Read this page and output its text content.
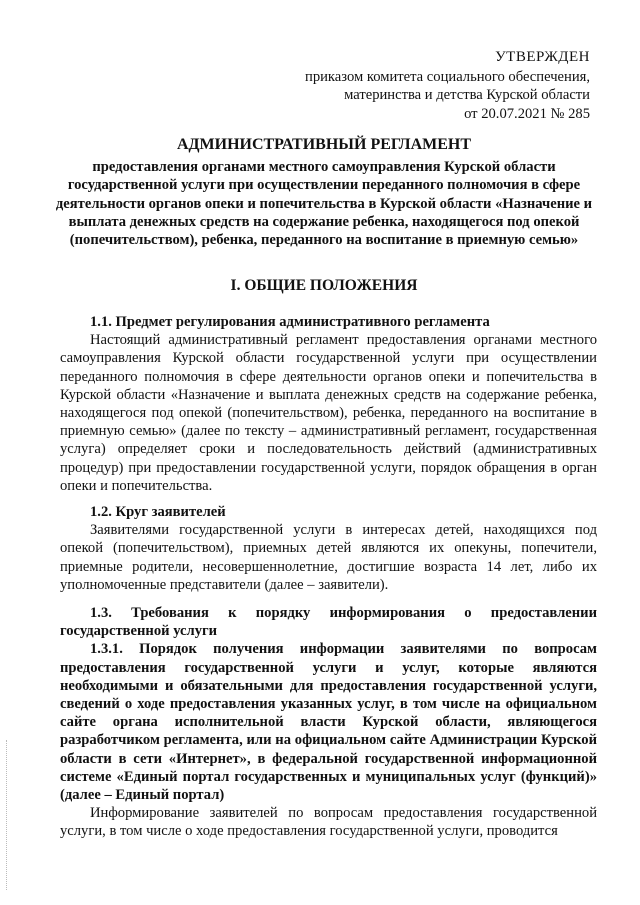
УТВЕРЖДЕН
приказом комитета социального обеспечения,
материнства и детства Курской области
от 20.07.2021 № 285
АДМИНИСТРАТИВНЫЙ РЕГЛАМЕНТ
предоставления органами местного самоуправления Курской области государственной услуги при осуществлении переданного полномочия в сфере деятельности органов опеки и попечительства в Курской области «Назначение и выплата денежных средств на содержание ребенка, находящегося под опекой (попечительством), ребенка, переданного на воспитание в приемную семью»
I. ОБЩИЕ ПОЛОЖЕНИЯ

1.1. Предмет регулирования административного регламента

Настоящий административный регламент предоставления органами местного самоуправления Курской области государственной услуги при осуществлении переданного полномочия в сфере деятельности органов опеки и попечительства в Курской области «Назначение и выплата денежных средств на содержание ребенка, находящегося под опекой (попечительством), ребенка, переданного на воспитание в приемную семью» (далее по тексту – административный регламент, государственная услуга) определяет сроки и последовательность действий (административных процедур) при предоставлении государственной услуги, порядок обращения в орган опеки и попечительства.

1.2. Круг заявителей

Заявителями государственной услуги в интересах детей, находящихся под опекой (попечительством), приемных детей являются их опекуны, попечители, приемные родители, несовершеннолетние, достигшие возраста 14 лет, либо их уполномоченные представители (далее – заявители).

1.3. Требования к порядку информирования о предоставлении государственной услуги

1.3.1. Порядок получения информации заявителями по вопросам предоставления государственной услуги и услуг, которые являются необходимыми и обязательными для предоставления государственной услуги, сведений о ходе предоставления указанных услуг, в том числе на официальном сайте органа исполнительной власти Курской области, являющегося разработчиком регламента, или на официальном сайте Администрации Курской области в сети «Интернет», в федеральной государственной информационной системе «Единый портал государственных и муниципальных услуг (функций)» (далее – Единый портал)

Информирование заявителей по вопросам предоставления государственной услуги, в том числе о ходе предоставления государственной услуги, проводится
